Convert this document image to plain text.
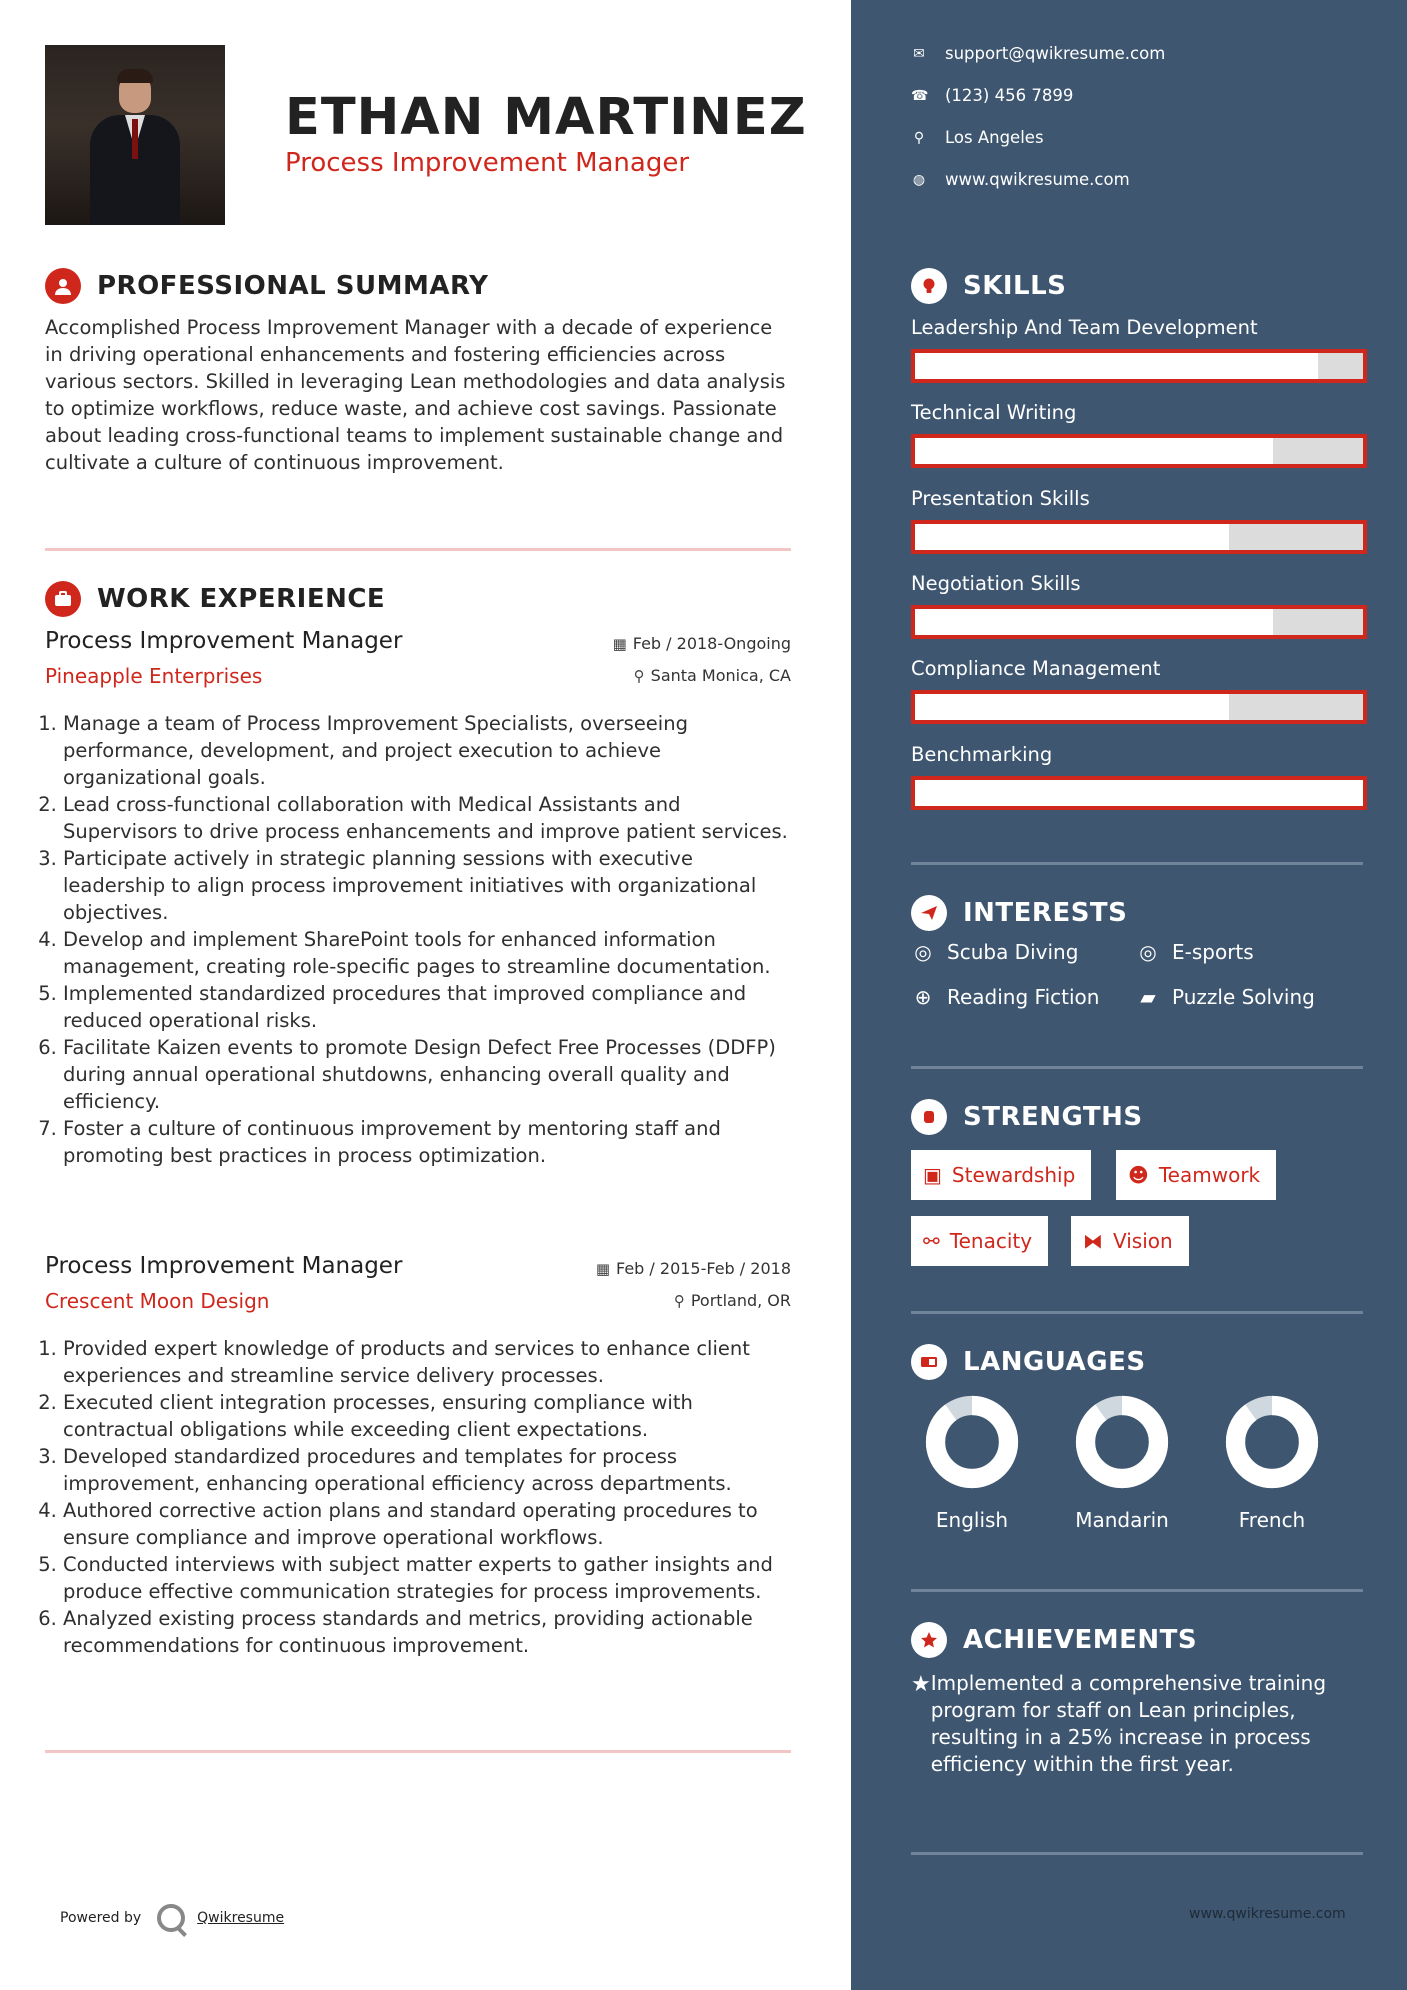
ETHAN MARTINEZ
Process Improvement Manager
PROFESSIONAL SUMMARY

Accomplished Process Improvement Manager with a decade of experience in driving operational enhancements and fostering efficiencies across various sectors. Skilled in leveraging Lean methodologies and data analysis to optimize workflows, reduce waste, and achieve cost savings. Passionate about leading cross-functional teams to implement sustainable change and cultivate a culture of continuous improvement.

WORK EXPERIENCE
Process Improvement Manager	▦ Feb / 2018-Ongoing
Pineapple Enterprises	⚲ Santa Monica, CA
1. Manage a team of Process Improvement Specialists, overseeing performance, development, and project execution to achieve organizational goals.
2. Lead cross-functional collaboration with Medical Assistants and Supervisors to drive process enhancements and improve patient services.
3. Participate actively in strategic planning sessions with executive leadership to align process improvement initiatives with organizational objectives.
4. Develop and implement SharePoint tools for enhanced information management, creating role-specific pages to streamline documentation.
5. Implemented standardized procedures that improved compliance and reduced operational risks.
6. Facilitate Kaizen events to promote Design Defect Free Processes (DDFP) during annual operational shutdowns, enhancing overall quality and efficiency.
7. Foster a culture of continuous improvement by mentoring staff and promoting best practices in process optimization.
Process Improvement Manager	▦ Feb / 2015-Feb / 2018
Crescent Moon Design	⚲ Portland, OR
1. Provided expert knowledge of products and services to enhance client experiences and streamline service delivery processes.
2. Executed client integration processes, ensuring compliance with contractual obligations while exceeding client expectations.
3. Developed standardized procedures and templates for process improvement, enhancing operational efficiency across departments.
4. Authored corrective action plans and standard operating procedures to ensure compliance and improve operational workflows.
5. Conducted interviews with subject matter experts to gather insights and produce effective communication strategies for process improvements.
6. Analyzed existing process standards and metrics, providing actionable recommendations for continuous improvement.
Powered by	Qwikresume
✉ support@qwikresume.com
☎ (123) 456 7899
⚲ Los Angeles
◍ www.qwikresume.com
SKILLS
Leadership And Team Development
Technical Writing
Presentation Skills
Negotiation Skills
Compliance Management
Benchmarking
INTERESTS
◎ Scuba Diving	◎ E-sports
⊕ Reading Fiction ▰ Puzzle Solving
STRENGTHS
▣ Stewardship	☻ Teamwork
⚯ Tenacity	⧓ Vision
LANGUAGES
English	Mandarin	French
ACHIEVEMENTS
★ Implemented a comprehensive training program for staff on Lean principles, resulting in a 25% increase in process efficiency within the first year.

www.qwikresume.com
